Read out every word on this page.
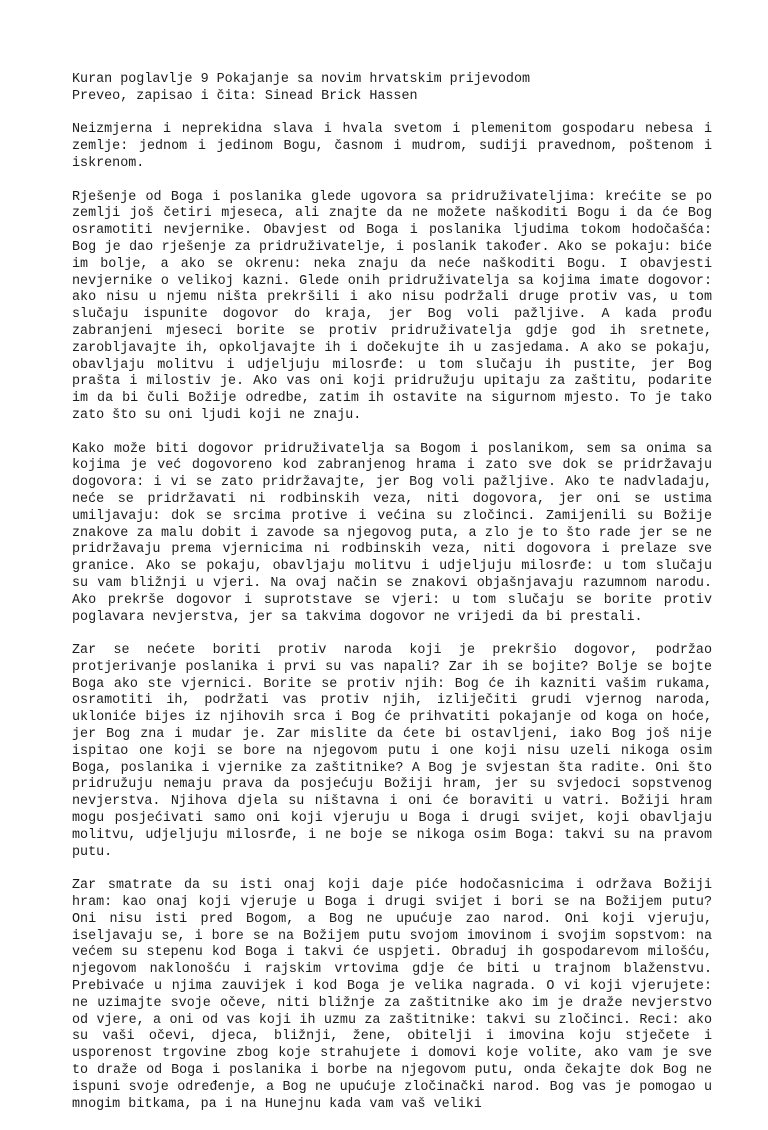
Kuran poglavlje 9 Pokajanje sa novim hrvatskim prijevodom
Preveo, zapisao i čita: Sinead Brick Hassen

Neizmjerna i neprekidna slava i hvala svetom i plemenitom gospodaru nebesa i zemlje: jednom i jedinom Bogu, časnom i mudrom, sudiji pravednom, poštenom i iskrenom.

Rješenje od Boga i poslanika glede ugovora sa pridruživateljima: krećite se po zemlji još četiri mjeseca, ali znajte da ne možete naškoditi Bogu i da će Bog osramotiti nevjernike. Obavjest od Boga i poslanika ljudima tokom hodočašća: Bog je dao rješenje za pridruživatelje, i poslanik također. Ako se pokaju: biće im bolje, a ako se okrenu: neka znaju da neće naškoditi Bogu. I obavjesti nevjernike o velikoj kazni. Glede onih pridruživatelja sa kojima imate dogovor: ako nisu u njemu ništa prekršili i ako nisu podržali druge protiv vas, u tom slučaju ispunite dogovor do kraja, jer Bog voli pažljive. A kada prođu zabranjeni mjeseci borite se protiv pridruživatelja gdje god ih sretnete, zarobljavajte ih, opkoljavajte ih i dočekujte ih u zasjedama. A ako se pokaju, obavljaju molitvu i udjeljuju milosrđe: u tom slučaju ih pustite, jer Bog prašta i milostiv je. Ako vas oni koji pridružuju upitaju za zaštitu, podarite im da bi čuli Božije odredbe, zatim ih ostavite na sigurnom mjesto. To je tako zato što su oni ljudi koji ne znaju.

Kako može biti dogovor pridruživatelja sa Bogom i poslanikom, sem sa onima sa kojima je već dogovoreno kod zabranjenog hrama i zato sve dok se pridržavaju dogovora: i vi se zato pridržavajte, jer Bog voli pažljive. Ako te nadvladaju, neće se pridržavati ni rodbinskih veza, niti dogovora, jer oni se ustima umiljavaju: dok se srcima protive i većina su zločinci. Zamijenili su Božije znakove za malu dobit i zavode sa njegovog puta, a zlo je to što rade jer se ne pridržavaju prema vjernicima ni rodbinskih veza, niti dogovora i prelaze sve granice. Ako se pokaju, obavljaju molitvu i udjeljuju milosrđe: u tom slučaju su vam bližnji u vjeri. Na ovaj način se znakovi objašnjavaju razumnom narodu. Ako prekrše dogovor i suprotstave se vjeri: u tom slučaju se borite protiv poglavara nevjerstva, jer sa takvima dogovor ne vrijedi da bi prestali.

Zar se nećete boriti protiv naroda koji je prekršio dogovor, podržao protjerivanje poslanika i prvi su vas napali? Zar ih se bojite? Bolje se bojte Boga ako ste vjernici. Borite se protiv njih: Bog će ih kazniti vašim rukama, osramotiti ih, podržati vas protiv njih, izliječiti grudi vjernog naroda, ukloniće bijes iz njihovih srca i Bog će prihvatiti pokajanje od koga on hoće, jer Bog zna i mudar je. Zar mislite da ćete bi ostavljeni, iako Bog još nije ispitao one koji se bore na njegovom putu i one koji nisu uzeli nikoga osim Boga, poslanika i vjernike za zaštitnike? A Bog je svjestan šta radite. Oni što pridružuju nemaju prava da posjećuju Božiji hram, jer su svjedoci sopstvenog nevjerstva. Njihova djela su ništavna i oni će boraviti u vatri. Božiji hram mogu posjećivati samo oni koji vjeruju u Boga i drugi svijet, koji obavljaju molitvu, udjeljuju milosrđe, i ne boje se nikoga osim Boga: takvi su na pravom putu.

Zar smatrate da su isti onaj koji daje piće hodočasnicima i održava Božiji hram: kao onaj koji vjeruje u Boga i drugi svijet i bori se na Božijem putu? Oni nisu isti pred Bogom, a Bog ne upućuje zao narod. Oni koji vjeruju, iseljavaju se, i bore se na Božijem putu svojom imovinom i svojim sopstvom: na većem su stepenu kod Boga i takvi će uspjeti. Obraduj ih gospodarevom milošću, njegovom naklonošću i rajskim vrtovima gdje će biti u trajnom blaženstvu. Prebivaće u njima zauvijek i kod Boga je velika nagrada. O vi koji vjerujete: ne uzimajte svoje očeve, niti bližnje za zaštitnike ako im je draže nevjerstvo od vjere, a oni od vas koji ih uzmu za zaštitnike: takvi su zločinci. Reci: ako su vaši očevi, djeca, bližnji, žene, obitelji i imovina koju stječete i usporenost trgovine zbog koje strahujete i domovi koje volite, ako vam je sve to draže od Boga i poslanika i borbe na njegovom putu, onda čekajte dok Bog ne ispuni svoje određenje, a Bog ne upućuje zločinački narod. Bog vas je pomogao u mnogim bitkama, pa i na Hunejnu kada vam vaš veliki
